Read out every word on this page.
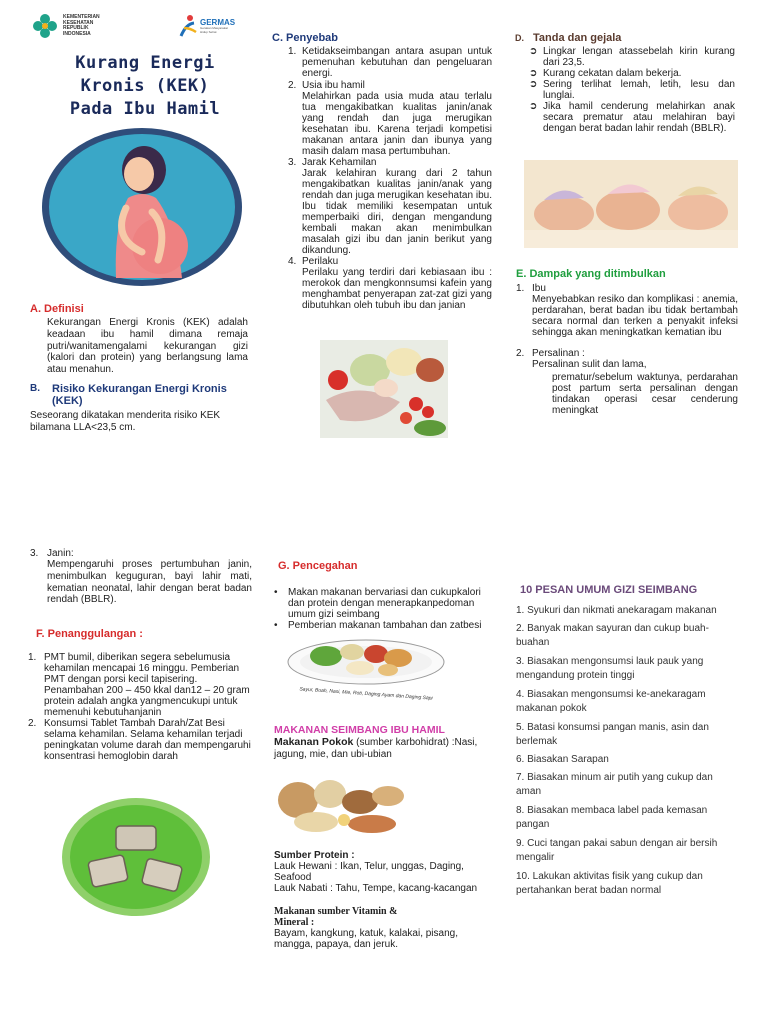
KEMENTERIAN
KESEHATAN
REPUBLIK
INDONESIA
GERMAS
Gerakan Masyarakat Hidup Sehat
Kurang Energi
Kronis (KEK)
Pada Ibu Hamil
A. Definisi

Kekurangan Energi Kronis (KEK) adalah keadaan ibu hamil dimana remaja putri/wanitamengalami kekurangan gizi (kalori dan protein) yang berlangsung lama atau menahun.

B.	Risiko Kekurangan Energi Kronis (KEK)

Seseorang dikatakan menderita risiko KEK bilamana LLA<23,5 cm.

C. Penyebab
1. Ketidakseimbangan antara asupan untuk pemenuhan kebutuhan dan pengeluaran energi.
2. Usia ibu hamil
Melahirkan pada usia muda atau terlalu tua mengakibatkan kualitas janin/anak yang rendah dan juga merugikan kesehatan ibu. Karena terjadi kompetisi makanan antara janin dan ibunya yang masih dalam masa pertumbuhan.
3. Jarak Kehamilan
Jarak kelahiran kurang dari 2 tahun mengakibatkan kualitas janin/anak yang rendah dan juga merugikan kesehatan ibu. Ibu tidak memiliki kesempatan untuk memperbaiki diri, dengan mengandung kembali makan akan menimbulkan masalah gizi ibu dan janin berikut yang dikandung.
4. Perilaku
Perilaku yang terdiri dari kebiasaan ibu : merokok dan mengkonnsumsi kafein yang menghambat penyerapan zat-zat gizi yang dibutuhkan oleh tubuh ibu dan janian
D. Tanda dan gejala
➲ Lingkar lengan atassebelah kirin kurang dari 23,5.
➲ Kurang cekatan dalam bekerja.
➲ Sering terlihat lemah, letih, lesu dan lunglai.
➲ Jika hamil cenderung melahirkan anak secara prematur atau melahiran bayi dengan berat badan lahir rendah (BBLR).
E. Dampak yang ditimbulkan
1. Ibu
Menyebabkan resiko dan komplikasi : anemia, perdarahan, berat badan ibu tidak bertambah secara normal dan terken a penyakit infeksi sehingga akan meningkatkan kematian ibu
2. Persalinan :
Persalinan sulit dan lama,
prematur/sebelum waktunya, perdarahan post partum serta persalinan dengan tindakan operasi cesar cenderung meningkat
3. Janin:

Mempengaruhi proses pertumbuhan janin, menimbulkan keguguran, bayi lahir mati, kematian neonatal, lahir dengan berat badan rendah (BBLR).

F. Penanggulangan :
1. PMT bumil, diberikan segera sebelumusia kehamilan mencapai 16 minggu. Pemberian PMT dengan porsi kecil tapisering. Penambahan 200 – 450 kkal dan12 – 20 gram protein adalah angka yangmencukupi untuk memenuhi kebutuhanjanin
2. Konsumsi Tablet Tambah Darah/Zat Besi selama kehamilan. Selama kehamilan terjadi peningkatan volume darah dan mempengaruhi konsentrasi hemoglobin darah
G. Pencegahan
•	Makan makanan bervariasi dan cukupkalori dan protein dengan menerapkanpedoman umum gizi seimbang
•	Pemberian makanan tambahan dan zatbesi
Sayur, Buah, Nasi, Mie, Roti, Daging Ayam dan Daging Sapi
MAKANAN SEIMBANG IBU HAMIL

Makanan Pokok (sumber karbohidrat) :Nasi, jagung, mie, dan ubi-ubian

Sumber Protein :
Lauk Hewani : Ikan, Telur, unggas, Daging, Seafood
Lauk Nabati : Tahu, Tempe, kacang-kacangan
Makanan sumber Vitamin & Mineral :
Bayam, kangkung, katuk, kalakai, pisang, mangga, papaya, dan jeruk.
10 PESAN UMUM GIZI SEIMBANG
1. Syukuri dan nikmati anekaragam makanan
2. Banyak makan sayuran dan cukup buah-buahan
3. Biasakan mengonsumsi lauk pauk yang mengandung protein tinggi
4. Biasakan mengonsumsi ke-anekaragam makanan pokok
5. Batasi konsumsi pangan manis, asin dan berlemak
6. Biasakan Sarapan
7. Biasakan minum air putih yang cukup dan aman
8. Biasakan membaca label pada kemasan pangan
9. Cuci tangan pakai sabun dengan air bersih mengalir
10. Lakukan aktivitas fisik yang cukup dan pertahankan berat badan normal
